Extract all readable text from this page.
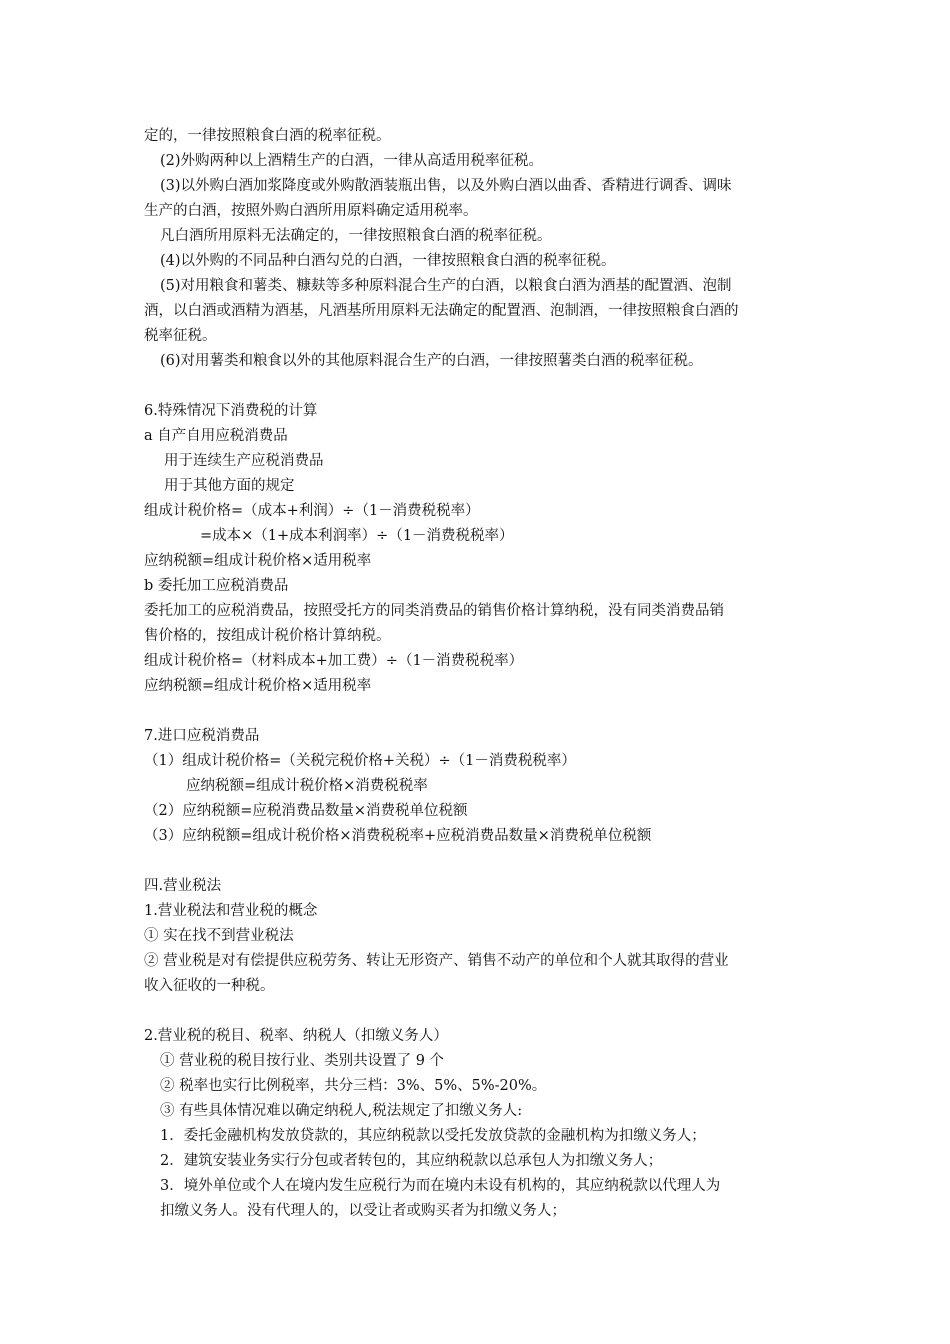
定的，一律按照粮食白酒的税率征税。
(2)外购两种以上酒精生产的白酒，一律从高适用税率征税。
(3)以外购白酒加浆降度或外购散酒装瓶出售，以及外购白酒以曲香、香精进行调香、调味
生产的白酒，按照外购白酒所用原料确定适用税率。
凡白酒所用原料无法确定的，一律按照粮食白酒的税率征税。
(4)以外购的不同品种白酒勾兑的白酒，一律按照粮食白酒的税率征税。
(5)对用粮食和薯类、糠麸等多种原料混合生产的白酒，以粮食白酒为酒基的配置酒、泡制
酒，以白酒或酒精为酒基，凡酒基所用原料无法确定的配置酒、泡制酒，一律按照粮食白酒的
税率征税。
(6)对用薯类和粮食以外的其他原料混合生产的白酒，一律按照薯类白酒的税率征税。
6.特殊情况下消费税的计算
a 自产自用应税消费品
用于连续生产应税消费品
用于其他方面的规定
组成计税价格=（成本+利润）÷（1－消费税税率）
=成本×（1+成本利润率）÷（1－消费税税率）
应纳税额=组成计税价格×适用税率
b 委托加工应税消费品
委托加工的应税消费品，按照受托方的同类消费品的销售价格计算纳税，没有同类消费品销
售价格的，按组成计税价格计算纳税。
组成计税价格=（材料成本+加工费）÷（1－消费税税率）
应纳税额=组成计税价格×适用税率
7.进口应税消费品
（1）组成计税价格=（关税完税价格+关税）÷（1－消费税税率）
应纳税额=组成计税价格×消费税税率
（2）应纳税额=应税消费品数量×消费税单位税额
（3）应纳税额=组成计税价格×消费税税率+应税消费品数量×消费税单位税额
四.营业税法
1.营业税法和营业税的概念
① 实在找不到营业税法
② 营业税是对有偿提供应税劳务、转让无形资产、销售不动产的单位和个人就其取得的营业
收入征收的一种税。
2.营业税的税目、税率、纳税人（扣缴义务人）
① 营业税的税目按行业、类别共设置了 9 个
② 税率也实行比例税率，共分三档：3%、5%、5%-20%。
③ 有些具体情况难以确定纳税人,税法规定了扣缴义务人:
1．委托金融机构发放贷款的，其应纳税款以受托发放贷款的金融机构为扣缴义务人；
2．建筑安装业务实行分包或者转包的，其应纳税款以总承包人为扣缴义务人；
3．境外单位或个人在境内发生应税行为而在境内未设有机构的，其应纳税款以代理人为
扣缴义务人。没有代理人的，以受让者或购买者为扣缴义务人；
